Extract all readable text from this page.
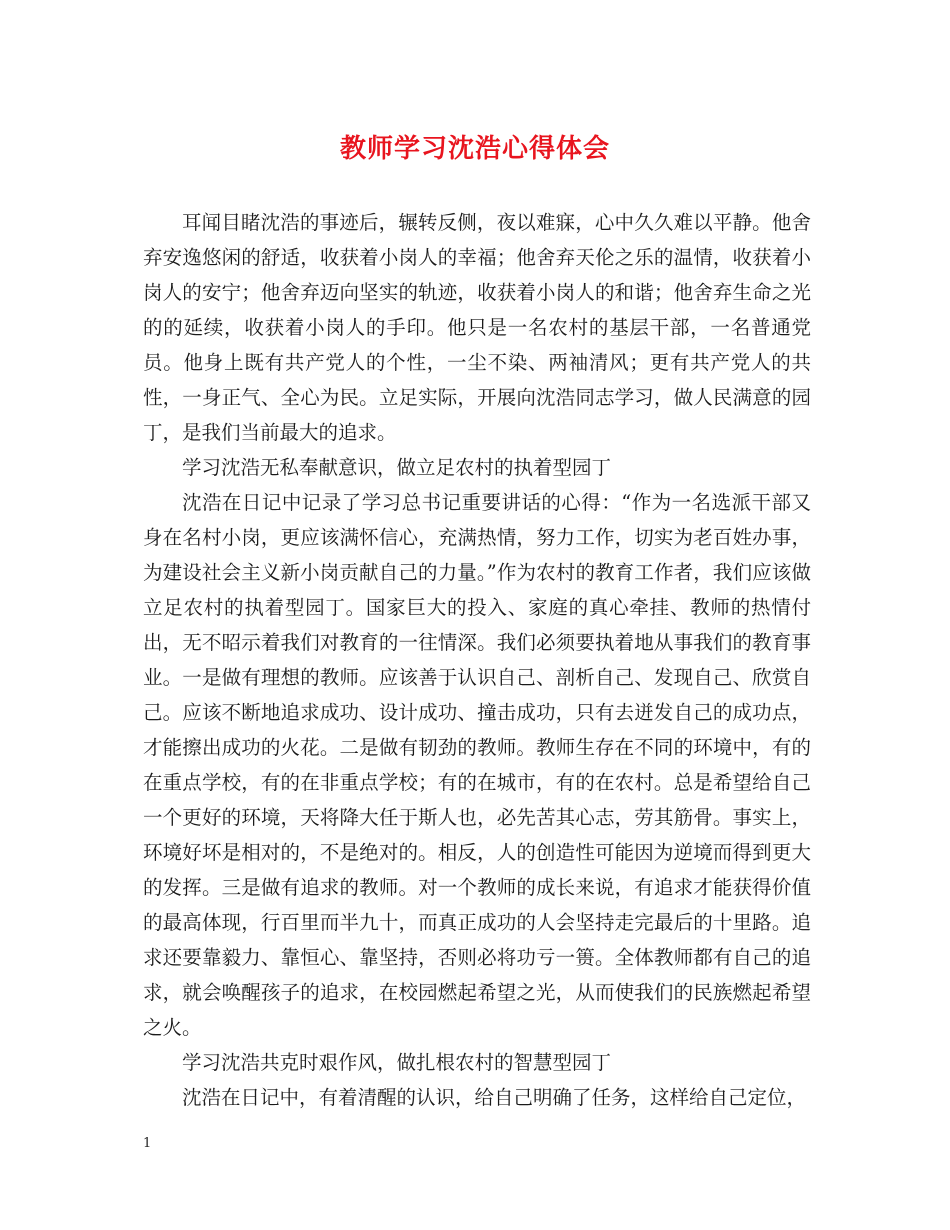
教师学习沈浩心得体会

耳闻目睹沈浩的事迹后，辗转反侧，夜以难寐，心中久久难以平静。他舍弃安逸悠闲的舒适，收获着小岗人的幸福；他舍弃天伦之乐的温情，收获着小岗人的安宁；他舍弃迈向坚实的轨迹，收获着小岗人的和谐；他舍弃生命之光的的延续，收获着小岗人的手印。他只是一名农村的基层干部，一名普通党员。他身上既有共产党人的个性，一尘不染、两袖清风；更有共产党人的共性，一身正气、全心为民。立足实际，开展向沈浩同志学习，做人民满意的园丁，是我们当前最大的追求。

学习沈浩无私奉献意识，做立足农村的执着型园丁

沈浩在日记中记录了学习总书记重要讲话的心得：“作为一名选派干部又身在名村小岗，更应该满怀信心，充满热情，努力工作，切实为老百姓办事，为建设社会主义新小岗贡献自己的力量。”作为农村的教育工作者，我们应该做立足农村的执着型园丁。国家巨大的投入、家庭的真心牵挂、教师的热情付出，无不昭示着我们对教育的一往情深。我们必须要执着地从事我们的教育事业。一是做有理想的教师。应该善于认识自己、剖析自己、发现自己、欣赏自己。应该不断地追求成功、设计成功、撞击成功，只有去迸发自己的成功点，才能擦出成功的火花。二是做有韧劲的教师。教师生存在不同的环境中，有的在重点学校，有的在非重点学校；有的在城市，有的在农村。总是希望给自己一个更好的环境，天将降大任于斯人也，必先苦其心志，劳其筋骨。事实上，环境好坏是相对的，不是绝对的。相反，人的创造性可能因为逆境而得到更大的发挥。三是做有追求的教师。对一个教师的成长来说，有追求才能获得价值的最高体现，行百里而半九十，而真正成功的人会坚持走完最后的十里路。追求还要靠毅力、靠恒心、靠坚持，否则必将功亏一篑。全体教师都有自己的追求，就会唤醒孩子的追求，在校园燃起希望之光，从而使我们的民族燃起希望之火。

学习沈浩共克时艰作风，做扎根农村的智慧型园丁

沈浩在日记中，有着清醒的认识，给自己明确了任务，这样给自己定位，

1
